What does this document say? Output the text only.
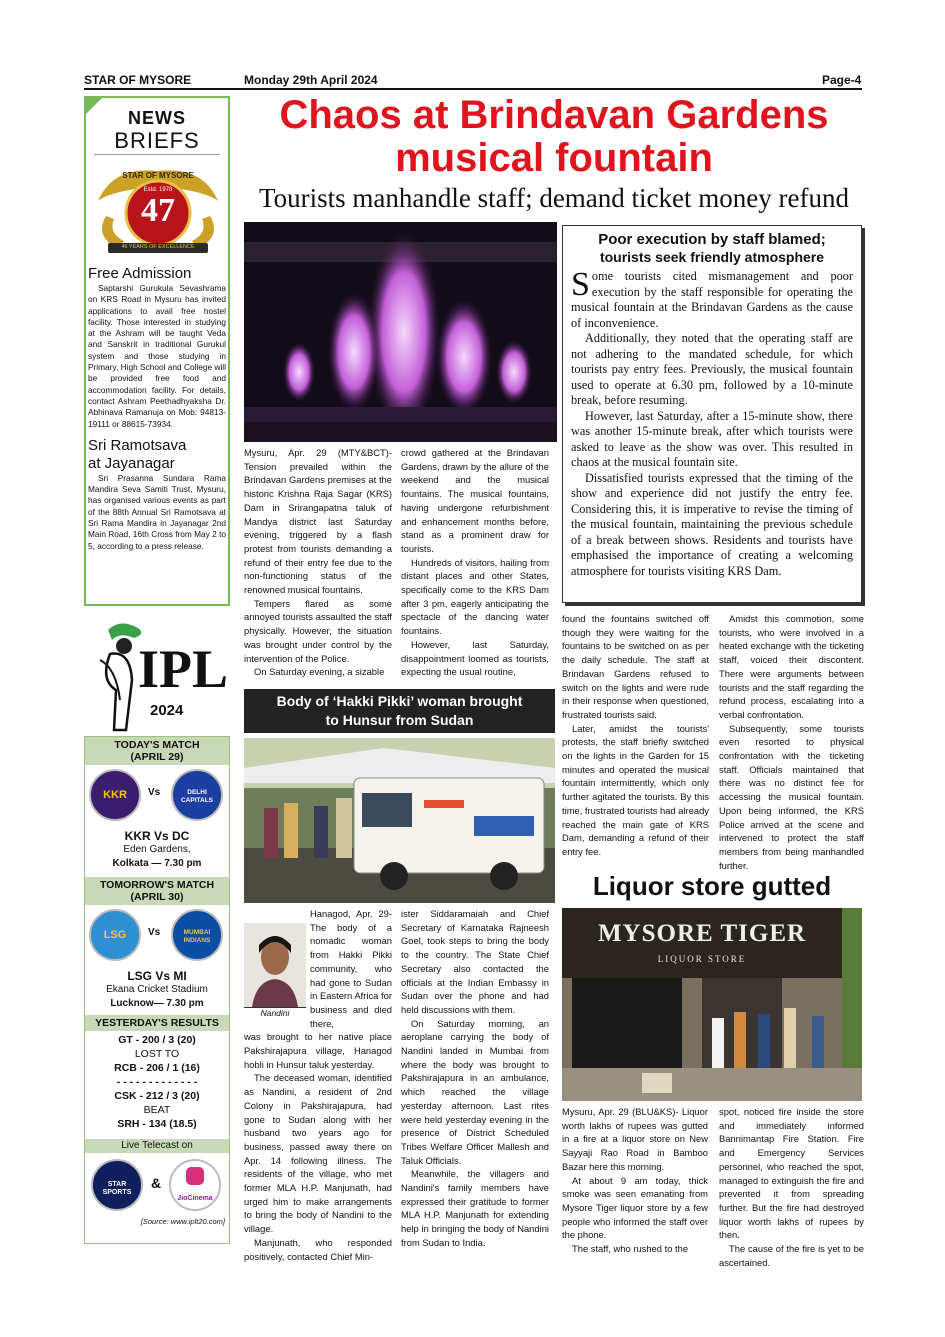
STAR OF MYSORE	Monday 29th April 2024	Page-4
NEWS
BRIEFS
STAR OF MYSORE
Estd. 1978
47
46 YEARS OF EXCELLENCE
Free Admission
Saptarshi Gurukula Sevashrama on KRS Road in Mysuru has invited applications to avail free hostel facility. Those interested in studying at the Ashram will be taught Veda and Sanskrit in traditional Gurukul system and those studying in Primary, High School and College will be provided free food and accommodation facility. For details, contact Ashram Peethadhyaksha Dr. Abhinava Ramanuja on Mob: 94813-19111 or 88615-73934.
Sri Ramotsava
at Jayanagar
Sri Prasanna Sundara Rama Mandira Seva Samiti Trust, Mysuru, has organised various events as part of the 88th Annual Sri Ramotsava at Sri Rama Mandira in Jayanagar 2nd Main Road, 16th Cross from May 2 to 5, according to a press release.
IPL
2024
TODAY'S MATCH
(APRIL 29)
KKR	Vs	DELHI CAPITALS
KKR Vs DC
Eden Gardens,
Kolkata — 7.30 pm
TOMORROW'S MATCH
(APRIL 30)
LSG	Vs	MUMBAI INDIANS
LSG Vs MI
Ekana Cricket Stadium
Lucknow— 7.30 pm
YESTERDAY'S RESULTS
GT - 200 / 3 (20)
LOST TO
RCB - 206 / 1 (16)
- - - - - - - - - - - - -
CSK - 212 / 3 (20)
BEAT
SRH - 134 (18.5)
Live Telecast on
STAR SPORTS
&
JioCinema
[Source: www.iplt20.com]
Chaos at Brindavan Gardens
musical fountain
Tourists manhandle staff; demand ticket money refund

Mysuru, Apr. 29 (MTY&BCT)- Tension prevailed within the Brindavan Gardens premises at the historic Krishna Raja Sagar (KRS) Dam in Srirangapatna taluk of Mandya district last Saturday evening, triggered by a flash protest from tourists demanding a refund of their entry fee due to the non-functioning status of the renowned musical fountains.

Tempers flared as some annoyed tourists assaulted the staff physically. However, the situation was brought under control by the intervention of the Police.

On Saturday evening, a sizable

crowd gathered at the Brindavan Gardens, drawn by the allure of the weekend and the musical fountains. The musical fountains, having undergone refurbishment and enhancement months before, stand as a prominent draw for tourists.

Hundreds of visitors, hailing from distant places and other States, specifically come to the KRS Dam after 3 pm, eagerly anticipating the spectacle of the dancing water fountains.

However, last Saturday, disappointment loomed as tourists, expecting the usual routine,

found the fountains switched off though they were waiting for the fountains to be switched on as per the daily schedule. The staff at Brindavan Gardens refused to switch on the lights and were rude in their response when questioned, frustrated tourists said.

Later, amidst the tourists' protests, the staff briefly switched on the lights in the Garden for 15 minutes and operated the musical fountain intermittently, which only further agitated the tourists. By this time, frustrated tourists had already reached the main gate of KRS Dam, demanding a refund of their entry fee.

Amidst this commotion, some tourists, who were involved in a heated exchange with the ticketing staff, voiced their discontent. There were arguments between tourists and the staff regarding the refund process, escalating into a verbal confrontation.

Subsequently, some tourists even resorted to physical confrontation with the ticketing staff. Officials maintained that there was no distinct fee for accessing the musical fountain. Upon being informed, the KRS Police arrived at the scene and intervened to protect the staff members from being manhandled further.

Poor execution by staff blamed;
tourists seek friendly atmosphere

Some tourists cited mismanagement and poor execution by the staff responsible for operating the musical fountain at the Brindavan Gardens as the cause of inconvenience.

Additionally, they noted that the operating staff are not adhering to the mandated schedule, for which tourists pay entry fees. Previously, the musical fountain used to operate at 6.30 pm, followed by a 10-minute break, before resuming.

However, last Saturday, after a 15-minute show, there was another 15-minute break, after which tourists were asked to leave as the show was over. This resulted in chaos at the musical fountain site.

Dissatisfied tourists expressed that the timing of the show and experience did not justify the entry fee. Considering this, it is imperative to revise the timing of the musical fountain, maintaining the previous schedule of a break between shows. Residents and tourists have emphasised the importance of creating a welcoming atmosphere for tourists visiting KRS Dam.

Body of ‘Hakki Pikki’ woman brought
to Hunsur from Sudan
Nandini

Hanagod, Apr. 29- The body of a nomadic woman from Hakki Pikki community, who had gone to Sudan in Eastern Africa for business and died there,

was brought to her native place Pakshirajapura village, Hanagod hobli in Hunsur taluk yesterday.

The deceased woman, identified as Nandini, a resident of 2nd Colony in Pakshirajapura, had gone to Sudan along with her husband two years ago for business, passed away there on Apr. 14 following illness. The residents of the village, who met former MLA H.P. Manjunath, had urged him to make arrangements to bring the body of Nandini to the village.

Manjunath, who responded positively, contacted Chief Min-

ister Siddaramaiah and Chief Secretary of Karnataka Rajneesh Goel, took steps to bring the body to the country. The State Chief Secretary also contacted the officials at the Indian Embassy in Sudan over the phone and had held discussions with them.

On Saturday morning, an aeroplane carrying the body of Nandini landed in Mumbai from where the body was brought to Pakshirajapura in an ambulance, which reached the village yesterday afternoon. Last rites were held yesterday evening in the presence of District Scheduled Tribes Welfare Officer Mallesh and Taluk Officials.

Meanwhile, the villagers and Nandini's family members have expressed their gratitude to former MLA H.P. Manjunath for extending help in bringing the body of Nandini from Sudan to India.

Liquor store gutted
MYSORE TIGER
LIQUOR STORE

Mysuru, Apr. 29 (BLU&KS)- Liquor worth lakhs of rupees was gutted in a fire at a liquor store on New Sayyaji Rao Road in Bamboo Bazar here this morning.

At about 9 am today, thick smoke was seen emanating from Mysore Tiger liquor store by a few people who informed the staff over the phone.

The staff, who rushed to the

spot, noticed fire inside the store and immediately informed Bannimantap Fire Station. Fire and Emergency Services personnel, who reached the spot, managed to extinguish the fire and prevented it from spreading further. But the fire had destroyed liquor worth lakhs of rupees by then.

The cause of the fire is yet to be ascertained.
